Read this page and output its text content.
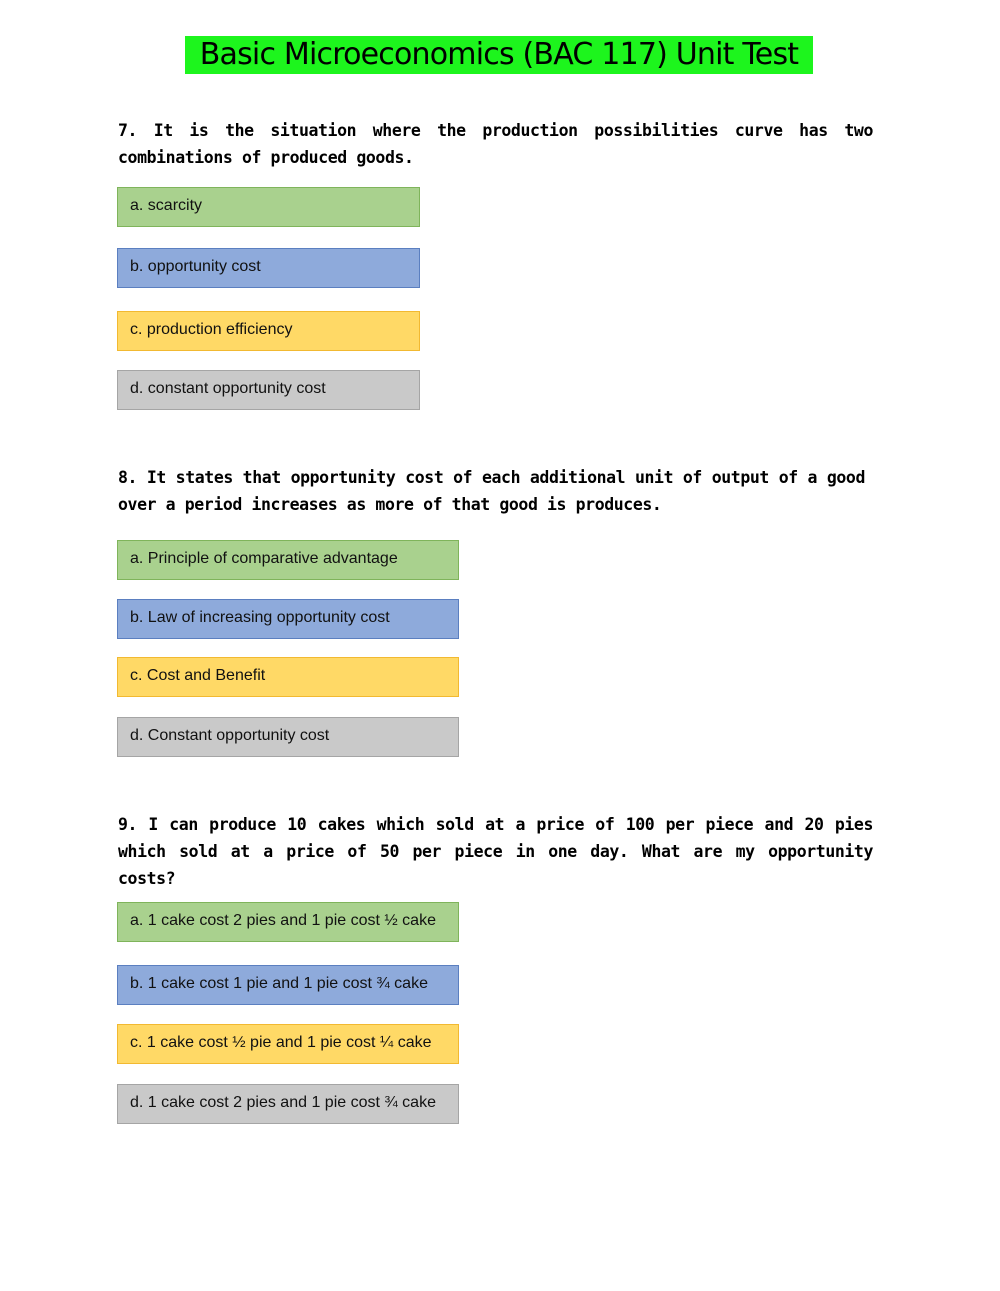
Basic Microeconomics (BAC 117) Unit Test
7. It is the situation where the production possibilities curve has two combinations of produced goods.
a. scarcity
b. opportunity cost
c. production efficiency
d. constant opportunity cost
8. It states that opportunity cost of each additional unit of output of a good over a period increases as more of that good is produces.
a. Principle of comparative advantage
b. Law of increasing opportunity cost
c. Cost and Benefit
d. Constant opportunity cost
9. I can produce 10 cakes which sold at a price of 100 per piece and 20 pies which sold at a price of 50 per piece in one day. What are my opportunity costs?
a. 1 cake cost 2 pies and 1 pie cost ½ cake
b. 1 cake cost 1 pie and 1 pie cost ¾ cake
c. 1 cake cost ½ pie and 1 pie cost ¼ cake
d. 1 cake cost 2 pies and 1 pie cost ¾ cake
